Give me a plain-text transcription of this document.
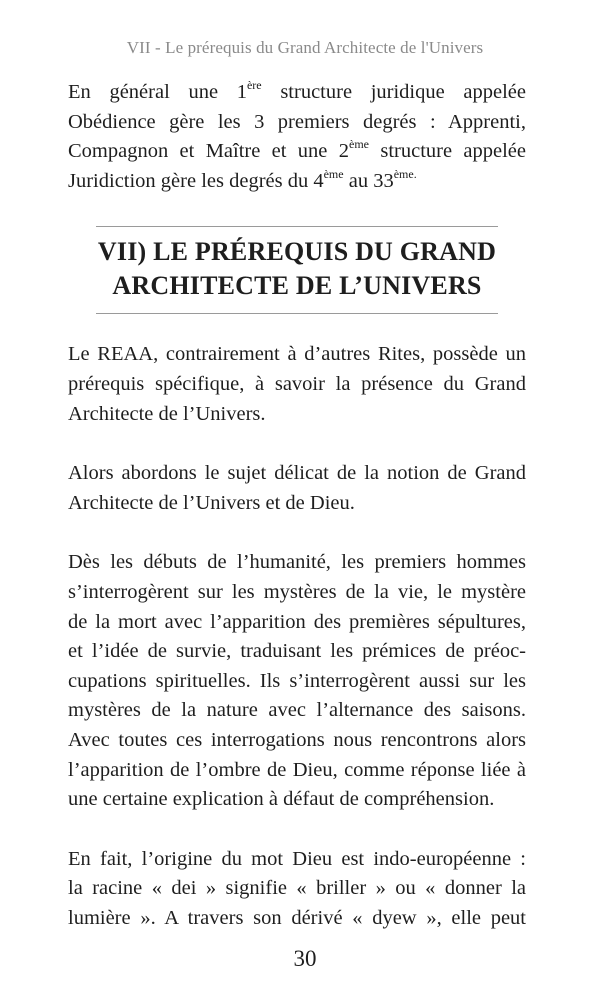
VII - Le prérequis du Grand Architecte de l'Univers

En général une 1ère structure juridique appelée
Obédience gère les 3 premiers degrés : Apprenti,
Compagnon et Maître et une 2ème structure appelée
Juridiction gère les degrés du 4ème au $33^{ème.}$

VII) LE PRÉREQUIS DU GRAND
ARCHITECTE DE L’UNIVERS

Le REAA, contrairement à d’autres Rites, possède un
prérequis spécifique, à savoir la présence du Grand
Architecte de l’Univers.

Alors abordons le sujet délicat de la notion de Grand
Architecte de l’Univers et de Dieu.

Dès les débuts de l’humanité, les premiers hommes
s’interrogèrent sur les mystères de la vie, le mystère
de la mort avec l’apparition des premières sépultures,
et l’idée de survie, traduisant les prémices de préoc-
cupations spirituelles. Ils s’interrogèrent aussi sur les
mystères de la nature avec l’alternance des saisons.
Avec toutes ces interrogations nous rencontrons alors
l’apparition de l’ombre de Dieu, comme réponse liée à
une certaine explication à défaut de compréhension.

En fait, l’origine du mot Dieu est indo-européenne :
la racine « dei » signifie « briller » ou « donner la
lumière ». A travers son dérivé « dyew », elle peut

30
